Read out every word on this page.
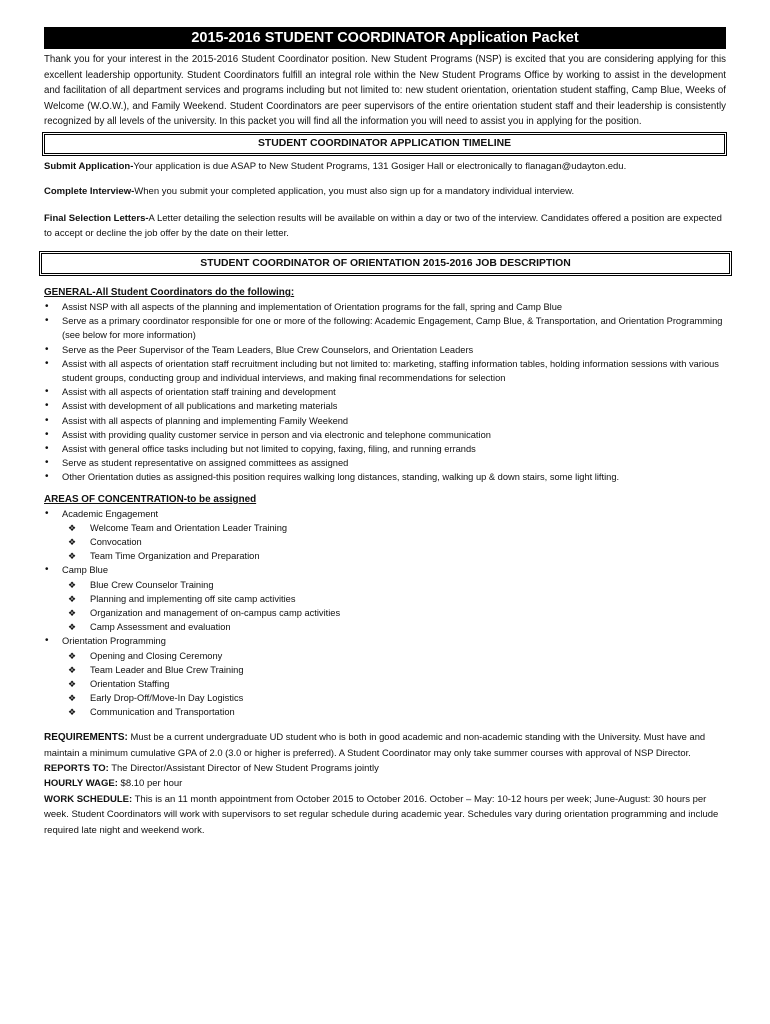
2015-2016 STUDENT COORDINATOR Application Packet
Thank you for your interest in the 2015-2016 Student Coordinator position. New Student Programs (NSP) is excited that you are considering applying for this excellent leadership opportunity. Student Coordinators fulfill an integral role within the New Student Programs Office by working to assist in the development and facilitation of all department services and programs including but not limited to: new student orientation, orientation student staffing, Camp Blue, Weeks of Welcome (W.O.W.), and Family Weekend. Student Coordinators are peer supervisors of the entire orientation student staff and their leadership is consistently recognized by all levels of the university. In this packet you will find all the information you will need to assist you in applying for the position.
STUDENT COORDINATOR APPLICATION TIMELINE
Submit Application-Your application is due ASAP to New Student Programs, 131 Gosiger Hall or electronically to flanagan@udayton.edu.
Complete Interview-When you submit your completed application, you must also sign up for a mandatory individual interview.
Final Selection Letters-A Letter detailing the selection results will be available on within a day or two of the interview. Candidates offered a position are expected to accept or decline the job offer by the date on their letter.
STUDENT COORDINATOR OF ORIENTATION 2015-2016 JOB DESCRIPTION
GENERAL-All Student Coordinators do the following:
• Assist NSP with all aspects of the planning and implementation of Orientation programs for the fall, spring and Camp Blue
• Serve as a primary coordinator responsible for one or more of the following: Academic Engagement, Camp Blue, & Transportation, and Orientation Programming (see below for more information)
• Serve as the Peer Supervisor of the Team Leaders, Blue Crew Counselors, and Orientation Leaders
• Assist with all aspects of orientation staff recruitment including but not limited to: marketing, staffing information tables, holding information sessions with various student groups, conducting group and individual interviews, and making final recommendations for selection
• Assist with all aspects of orientation staff training and development
• Assist with development of all publications and marketing materials
• Assist with all aspects of planning and implementing Family Weekend
• Assist with providing quality customer service in person and via electronic and telephone communication
• Assist with general office tasks including but not limited to copying, faxing, filing, and running errands
• Serve as student representative on assigned committees as assigned
• Other Orientation duties as assigned-this position requires walking long distances, standing, walking up & down stairs, some light lifting.
AREAS OF CONCENTRATION-to be assigned
• Academic Engagement
❖ Welcome Team and Orientation Leader Training
❖ Convocation
❖ Team Time Organization and Preparation
• Camp Blue
❖ Blue Crew Counselor Training
❖ Planning and implementing off site camp activities
❖ Organization and management of on-campus camp activities
❖ Camp Assessment and evaluation
• Orientation Programming
❖ Opening and Closing Ceremony
❖ Team Leader and Blue Crew Training
❖ Orientation Staffing
❖ Early Drop-Off/Move-In Day Logistics
❖ Communication and Transportation
REQUIREMENTS: Must be a current undergraduate UD student who is both in good academic and non-academic standing with the University. Must have and maintain a minimum cumulative GPA of 2.0 (3.0 or higher is preferred). A Student Coordinator may only take summer courses with approval of NSP Director.
REPORTS TO: The Director/Assistant Director of New Student Programs jointly
HOURLY WAGE: $8.10 per hour
WORK SCHEDULE: This is an 11 month appointment from October 2015 to October 2016. October – May: 10-12 hours per week; June-August: 30 hours per week. Student Coordinators will work with supervisors to set regular schedule during academic year. Schedules vary during orientation programming and include required late night and weekend work.
